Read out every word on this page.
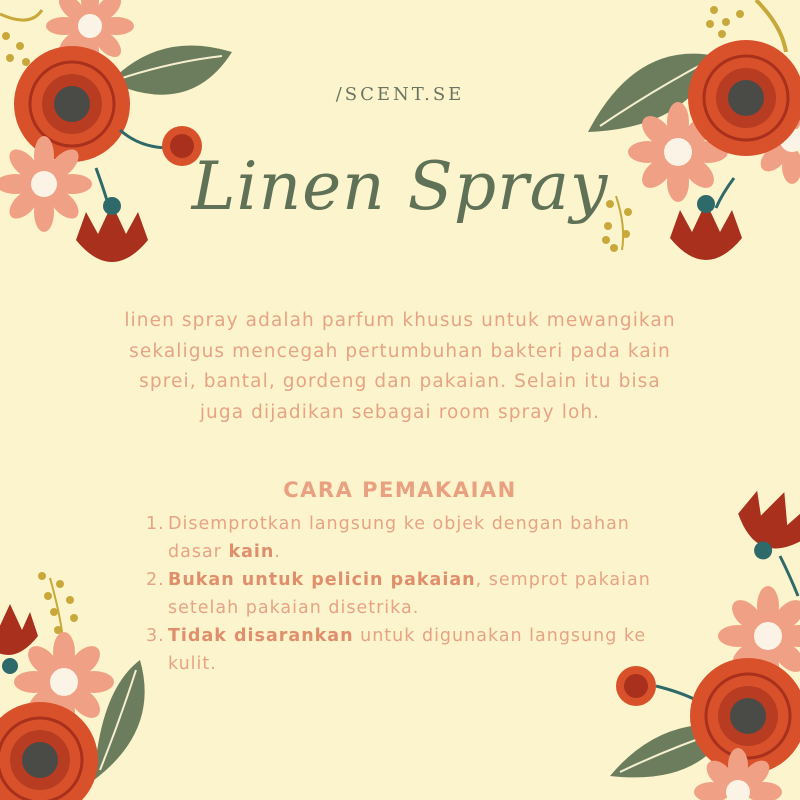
/SCENT.SE
Linen Spray
linen spray adalah parfum khusus untuk mewangikan sekaligus mencegah pertumbuhan bakteri pada kain sprei, bantal, gordeng dan pakaian. Selain itu bisa juga dijadikan sebagai room spray loh.
CARA PEMAKAIAN
1. Disemprotkan langsung ke objek dengan bahan dasar kain.
2. Bukan untuk pelicin pakaian, semprot pakaian setelah pakaian disetrika.
3. Tidak disarankan untuk digunakan langsung ke kulit.
